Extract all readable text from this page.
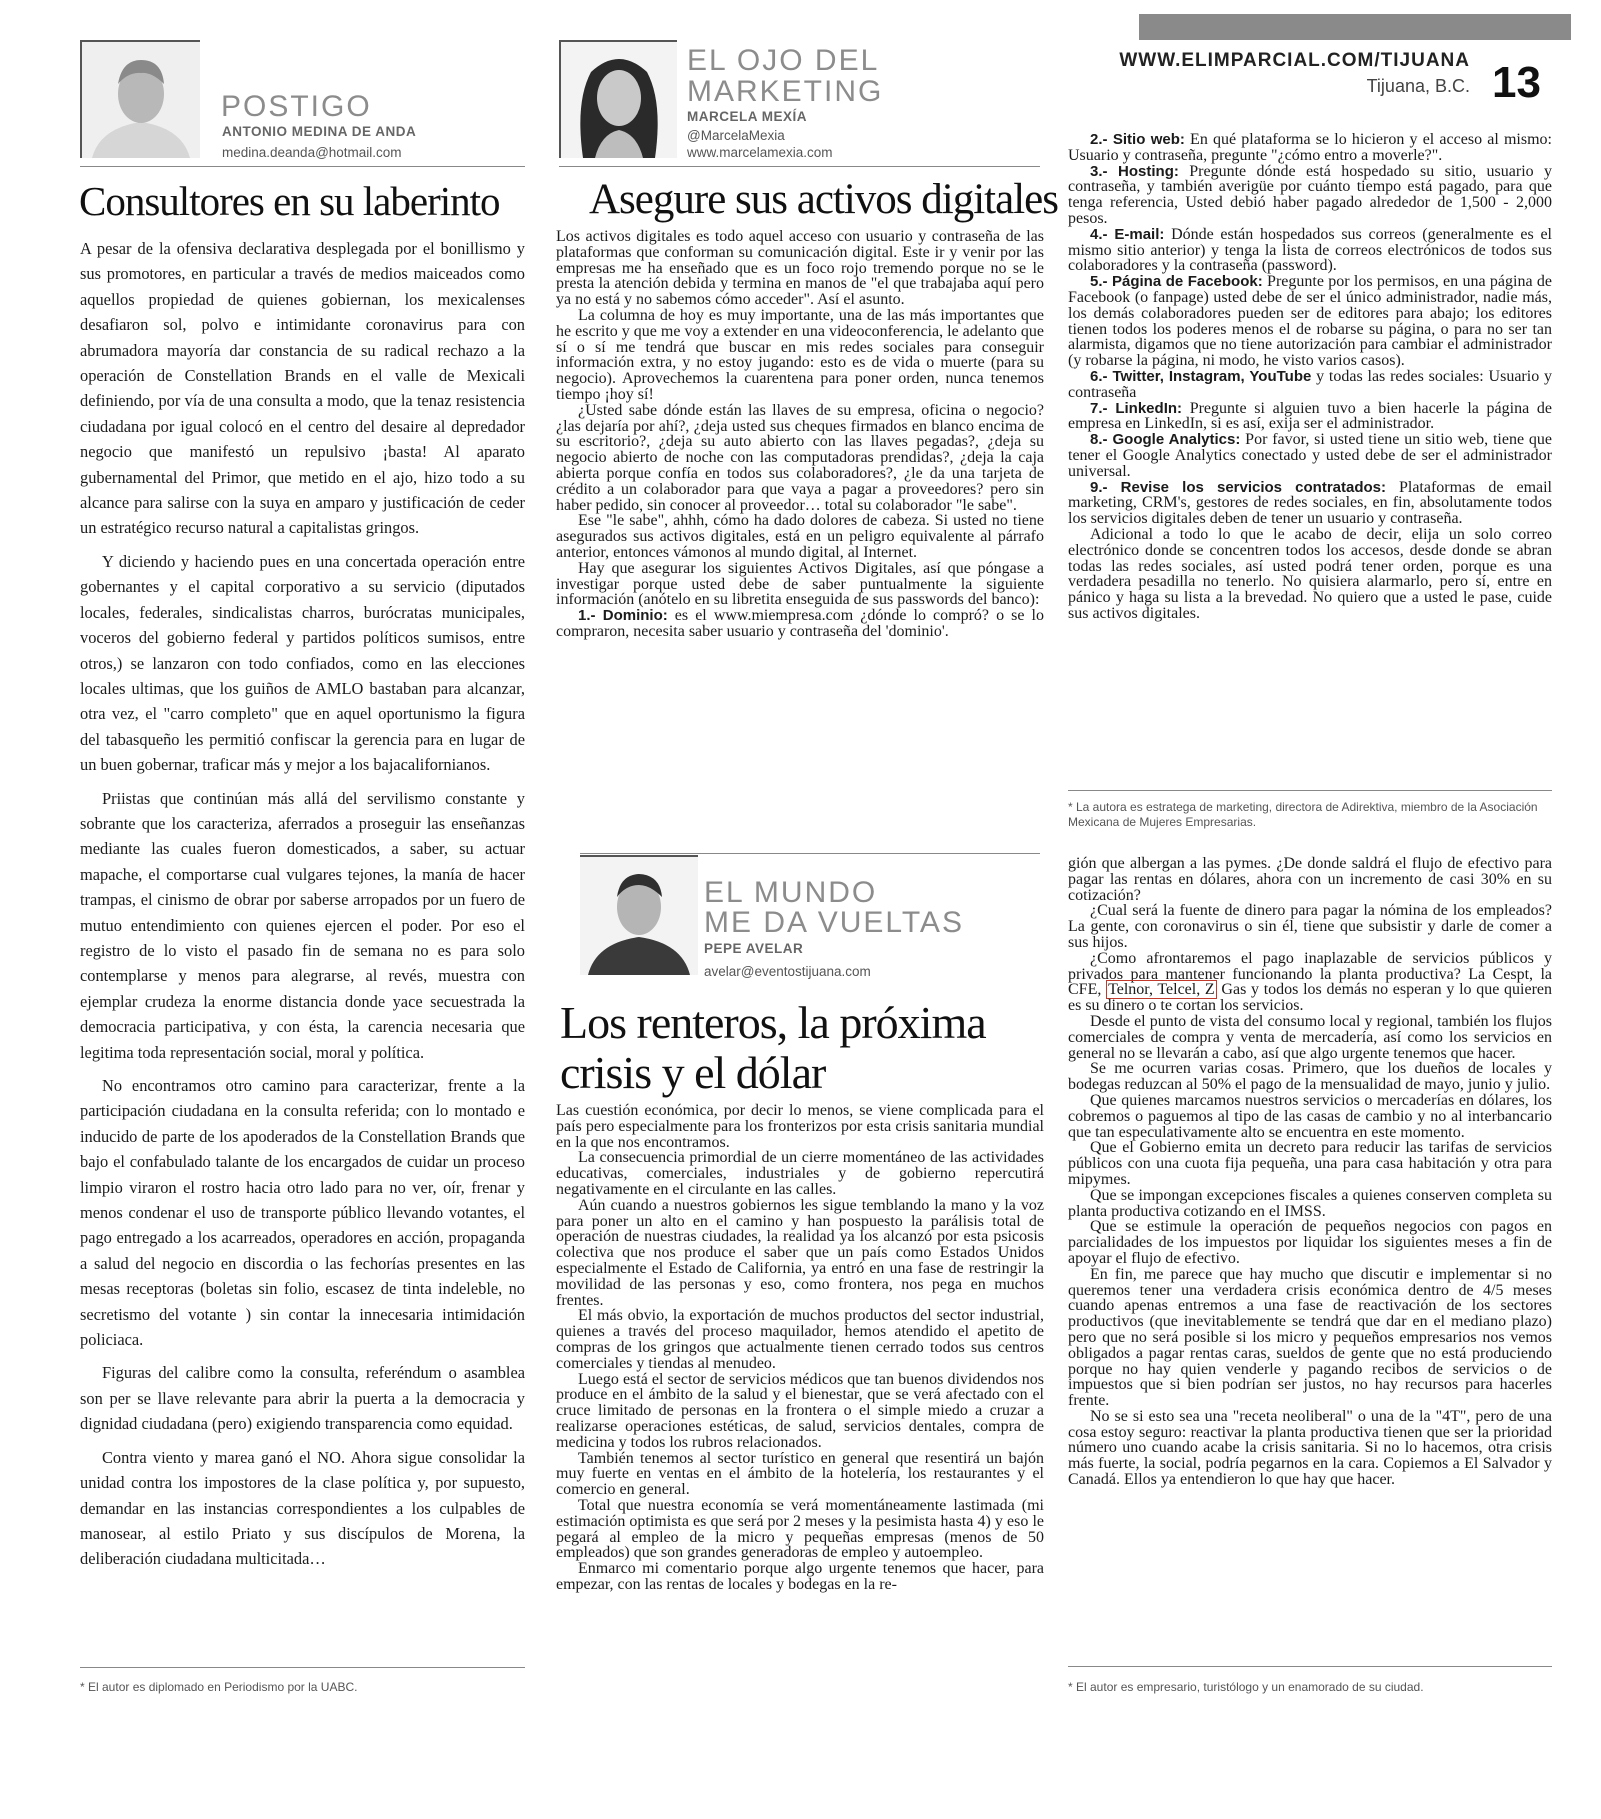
WWW.ELIMPARCIAL.COM/TIJUANA
Tijuana, B.C. 13
POSTIGO
ANTONIO MEDINA DE ANDA
medina.deanda@hotmail.com
Consultores en su laberinto

A pesar de la ofensiva declarativa desplegada por el bonillismo y sus promotores, en particular a través de medios maiceados como aquellos propiedad de quienes gobiernan, los mexicalenses desafiaron sol, polvo e intimidante coronavirus para con abrumadora mayoría dar constancia de su radical rechazo a la operación de Constellation Brands en el valle de Mexicali definiendo, por vía de una consulta a modo, que la tenaz resistencia ciudadana por igual colocó en el centro del desaire al depredador negocio que manifestó un repulsivo ¡basta! Al aparato gubernamental del Primor, que metido en el ajo, hizo todo a su alcance para salirse con la suya en amparo y justificación de ceder un estratégico recurso natural a capitalistas gringos.

Y diciendo y haciendo pues en una concertada operación entre gobernantes y el capital corporativo a su servicio (diputados locales, federales, sindicalistas charros, burócratas municipales, voceros del gobierno federal y partidos políticos sumisos, entre otros,) se lanzaron con todo confiados, como en las elecciones locales ultimas, que los guiños de AMLO bastaban para alcanzar, otra vez, el "carro completo" que en aquel oportunismo la figura del tabasqueño les permitió confiscar la gerencia para en lugar de un buen gobernar, traficar más y mejor a los bajacalifornianos.

Priistas que continúan más allá del servilismo constante y sobrante que los caracteriza, aferrados a proseguir las enseñanzas mediante las cuales fueron domesticados, a saber, su actuar mapache, el comportarse cual vulgares tejones, la manía de hacer trampas, el cinismo de obrar por saberse arropados por un fuero de mutuo entendimiento con quienes ejercen el poder. Por eso el registro de lo visto el pasado fin de semana no es para solo contemplarse y menos para alegrarse, al revés, muestra con ejemplar crudeza la enorme distancia donde yace secuestrada la democracia participativa, y con ésta, la carencia necesaria que legitima toda representación social, moral y política.

No encontramos otro camino para caracterizar, frente a la participación ciudadana en la consulta referida; con lo montado e inducido de parte de los apoderados de la Constellation Brands que bajo el confabulado talante de los encargados de cuidar un proceso limpio viraron el rostro hacia otro lado para no ver, oír, frenar y menos condenar el uso de transporte público llevando votantes, el pago entregado a los acarreados, operadores en acción, propaganda a salud del negocio en discordia o las fechorías presentes en las mesas receptoras (boletas sin folio, escasez de tinta indeleble, no secretismo del votante ) sin contar la innecesaria intimidación policiaca.

Figuras del calibre como la consulta, referéndum o asamblea son per se llave relevante para abrir la puerta a la democracia y dignidad ciudadana (pero) exigiendo transparencia como equidad.

Contra viento y marea ganó el NO. Ahora sigue consolidar la unidad contra los impostores de la clase política y, por supuesto, demandar en las instancias correspondientes a los culpables de manosear, al estilo Priato y sus discípulos de Morena, la deliberación ciudadana multicitada…

* El autor es diplomado en Periodismo por la UABC.
EL OJO DEL
MARKETING
MARCELA MEXÍA
@MarcelaMexia
www.marcelamexia.com
Asegure sus activos digitales

Los activos digitales es todo aquel acceso con usuario y contraseña de las plataformas que conforman su comunicación digital. Este ir y venir por las empresas me ha enseñado que es un foco rojo tremendo porque no se le presta la atención debida y termina en manos de "el que trabajaba aquí pero ya no está y no sabemos cómo acceder". Así el asunto.

La columna de hoy es muy importante, una de las más importantes que he escrito y que me voy a extender en una videoconferencia, le adelanto que sí o sí me tendrá que buscar en mis redes sociales para conseguir información extra, y no estoy jugando: esto es de vida o muerte (para su negocio). Aprovechemos la cuarentena para poner orden, nunca tenemos tiempo ¡hoy sí!

¿Usted sabe dónde están las llaves de su empresa, oficina o negocio? ¿las dejaría por ahí?, ¿deja usted sus cheques firmados en blanco encima de su escritorio?, ¿deja su auto abierto con las llaves pegadas?, ¿deja su negocio abierto de noche con las computadoras prendidas?, ¿deja la caja abierta porque confía en todos sus colaboradores?, ¿le da una tarjeta de crédito a un colaborador para que vaya a pagar a proveedores? pero sin haber pedido, sin conocer al proveedor… total su colaborador "le sabe".

Ese "le sabe", ahhh, cómo ha dado dolores de cabeza. Si usted no tiene asegurados sus activos digitales, está en un peligro equivalente al párrafo anterior, entonces vámonos al mundo digital, al Internet.

Hay que asegurar los siguientes Activos Digitales, así que póngase a investigar porque usted debe de saber puntualmente la siguiente información (anótelo en su libretita enseguida de sus passwords del banco):

1.- Dominio: es el www.miempresa.com ¿dónde lo compró? o se lo compraron, necesita saber usuario y contraseña del 'dominio'.

2.- Sitio web: En qué plataforma se lo hicieron y el acceso al mismo: Usuario y contraseña, pregunte "¿cómo entro a moverle?".

3.- Hosting: Pregunte dónde está hospedado su sitio, usuario y contraseña, y también averigüe por cuánto tiempo está pagado, para que tenga referencia, Usted debió haber pagado alrededor de 1,500 - 2,000 pesos.

4.- E-mail: Dónde están hospedados sus correos (generalmente es el mismo sitio anterior) y tenga la lista de correos electrónicos de todos sus colaboradores y la contraseña (password).

5.- Página de Facebook: Pregunte por los permisos, en una página de Facebook (o fanpage) usted debe de ser el único administrador, nadie más, los demás colaboradores pueden ser de editores para abajo; los editores tienen todos los poderes menos el de robarse su página, o para no ser tan alarmista, digamos que no tiene autorización para cambiar el administrador (y robarse la página, ni modo, he visto varios casos).

6.- Twitter, Instagram, YouTube y todas las redes sociales: Usuario y contraseña

7.- LinkedIn: Pregunte si alguien tuvo a bien hacerle la página de empresa en LinkedIn, si es así, exija ser el administrador.

8.- Google Analytics: Por favor, si usted tiene un sitio web, tiene que tener el Google Analytics conectado y usted debe de ser el administrador universal.

9.- Revise los servicios contratados: Plataformas de email marketing, CRM's, gestores de redes sociales, en fin, absolutamente todos los servicios digitales deben de tener un usuario y contraseña.

Adicional a todo lo que le acabo de decir, elija un solo correo electrónico donde se concentren todos los accesos, desde donde se abran todas las redes sociales, así usted podrá tener orden, porque es una verdadera pesadilla no tenerlo. No quisiera alarmarlo, pero sí, entre en pánico y haga su lista a la brevedad. No quiero que a usted le pase, cuide sus activos digitales.

* La autora es estratega de marketing, directora de Adirektiva, miembro de la Asociación Mexicana de Mujeres Empresarias.
EL MUNDO
ME DA VUELTAS
PEPE AVELAR
avelar@eventostijuana.com
Los renteros, la próxima
crisis y el dólar

Las cuestión económica, por decir lo menos, se viene complicada para el país pero especialmente para los fronterizos por esta crisis sanitaria mundial en la que nos encontramos.

La consecuencia primordial de un cierre momentáneo de las actividades educativas, comerciales, industriales y de gobierno repercutirá negativamente en el circulante en las calles.

Aún cuando a nuestros gobiernos les sigue temblando la mano y la voz para poner un alto en el camino y han pospuesto la parálisis total de operación de nuestras ciudades, la realidad ya los alcanzó por esta psicosis colectiva que nos produce el saber que un país como Estados Unidos especialmente el Estado de California, ya entró en una fase de restringir la movilidad de las personas y eso, como frontera, nos pega en muchos frentes.

El más obvio, la exportación de muchos productos del sector industrial, quienes a través del proceso maquilador, hemos atendido el apetito de compras de los gringos que actualmente tienen cerrado todos sus centros comerciales y tiendas al menudeo.

Luego está el sector de servicios médicos que tan buenos dividendos nos produce en el ámbito de la salud y el bienestar, que se verá afectado con el cruce limitado de personas en la frontera o el simple miedo a cruzar a realizarse operaciones estéticas, de salud, servicios dentales, compra de medicina y todos los rubros relacionados.

También tenemos al sector turístico en general que resentirá un bajón muy fuerte en ventas en el ámbito de la hotelería, los restaurantes y el comercio en general.

Total que nuestra economía se verá momentáneamente lastimada (mi estimación optimista es que será por 2 meses y la pesimista hasta 4) y eso le pegará al empleo de la micro y pequeñas empresas (menos de 50 empleados) que son grandes generadoras de empleo y autoempleo.

Enmarco mi comentario porque algo urgente tenemos que hacer, para empezar, con las rentas de locales y bodegas en la re-

gión que albergan a las pymes. ¿De donde saldrá el flujo de efectivo para pagar las rentas en dólares, ahora con un incremento de casi 30% en su cotización?

¿Cual será la fuente de dinero para pagar la nómina de los empleados? La gente, con coronavirus o sin él, tiene que subsistir y darle de comer a sus hijos.

¿Como afrontaremos el pago inaplazable de servicios públicos y privados para mantener funcionando la planta productiva? La Cespt, la CFE, Telnor, Telcel, Z Gas y todos los demás no esperan y lo que quieren es su dinero o te cortan los servicios.

Desde el punto de vista del consumo local y regional, también los flujos comerciales de compra y venta de mercadería, así como los servicios en general no se llevarán a cabo, así que algo urgente tenemos que hacer.

Se me ocurren varias cosas. Primero, que los dueños de locales y bodegas reduzcan al 50% el pago de la mensualidad de mayo, junio y julio.

Que quienes marcamos nuestros servicios o mercaderías en dólares, los cobremos o paguemos al tipo de las casas de cambio y no al interbancario que tan especulativamente alto se encuentra en este momento.

Que el Gobierno emita un decreto para reducir las tarifas de servicios públicos con una cuota fija pequeña, una para casa habitación y otra para mipymes.

Que se impongan excepciones fiscales a quienes conserven completa su planta productiva cotizando en el IMSS.

Que se estimule la operación de pequeños negocios con pagos en parcialidades de los impuestos por liquidar los siguientes meses a fin de apoyar el flujo de efectivo.

En fin, me parece que hay mucho que discutir e implementar si no queremos tener una verdadera crisis económica dentro de 4/5 meses cuando apenas entremos a una fase de reactivación de los sectores productivos (que inevitablemente se tendrá que dar en el mediano plazo) pero que no será posible si los micro y pequeños empresarios nos vemos obligados a pagar rentas caras, sueldos de gente que no está produciendo porque no hay quien venderle y pagando recibos de servicios o de impuestos que si bien podrían ser justos, no hay recursos para hacerles frente.

No se si esto sea una "receta neoliberal" o una de la "4T", pero de una cosa estoy seguro: reactivar la planta productiva tienen que ser la prioridad número uno cuando acabe la crisis sanitaria. Si no lo hacemos, otra crisis más fuerte, la social, podría pegarnos en la cara. Copiemos a El Salvador y Canadá. Ellos ya entendieron lo que hay que hacer.

* El autor es empresario, turistólogo y un enamorado de su ciudad.
